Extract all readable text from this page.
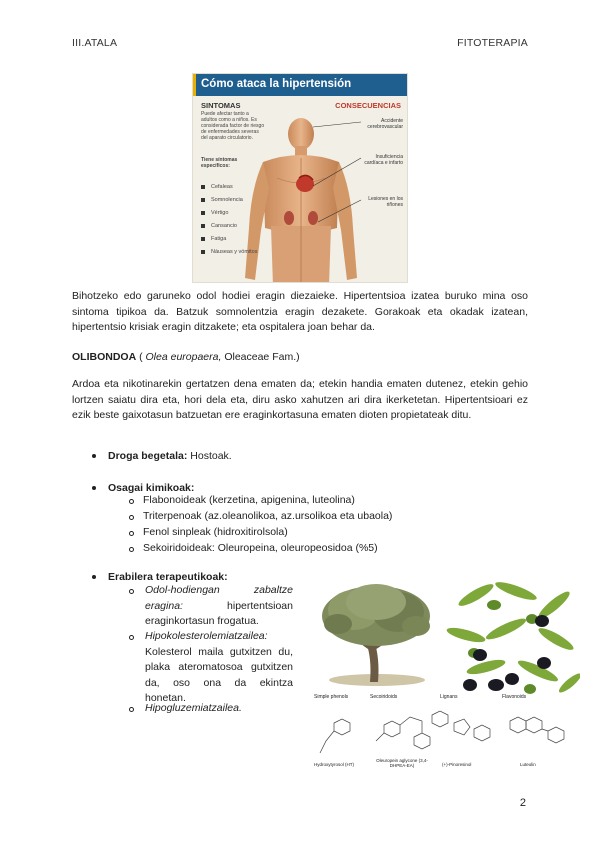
III.ATALA	FITOTERAPIA
Cómo ataca la hipertensión
SINTOMAS
Puede afectar tanto a adultos como a niños. Es considerada factor de riesgo de enfermedades severas del aparato circulatorio.
Tiene síntomas específicos:
Cefaleas
Somnolencia
Vértigo
Cansancio
Fatiga
Náuseas y vómitos
CONSECUENCIAS
Accidente cerebrovascular
Insuficiencia cardíaca e infarto
Lesiones en los riñones
Bihotzeko edo garuneko odol hodiei eragin diezaieke. Hipertentsioa izatea buruko mina oso sintoma tipikoa da. Batzuk somnolentzia eragin dezakete. Gorakoak eta okadak izatean, hipertentsio krisiak eragin ditzakete; eta ospitalera joan behar da.
OLIBONDOA ( Olea europaera, Oleaceae Fam.)
Ardoa eta nikotinarekin gertatzen dena ematen da; etekin handia ematen dutenez, etekin gehio lortzen saiatu dira eta, hori dela eta, diru asko xahutzen ari dira ikerketetan. Hipertentsioari ez ezik beste gaixotasun batzuetan ere eraginkortasuna ematen dioten propietateak ditu.
Droga begetala: Hostoak.
Osagai kimikoak:
Flabonoideak (kerzetina, apigenina, luteolina)
Triterpenoak (az.oleanolikoa, az.ursolikoa eta ubaola)
Fenol sinpleak (hidroxitirolsola)
Sekoiridoideak: Oleuropeina, oleuropeosidoa (%5)
Erabilera terapeutikoak:
Odol-hodiengan zabaltze eragina: hipertentsioan eraginkortasun frogatua.
Hipokolesterolemiatzailea: Kolesterol maila gutxitzen du, plaka ateromatosoa gutxitzen da, oso ona da ekintza honetan.
Hipogluzemiatzailea.
Simple phenols	Secoiridoids	Lignans	Flavonoids
Hydroxytyrosol (HT)
Oleuropein aglycone (3,4-DHPEA-EA)	(+)-Pinoresinol	Luteolin
2
